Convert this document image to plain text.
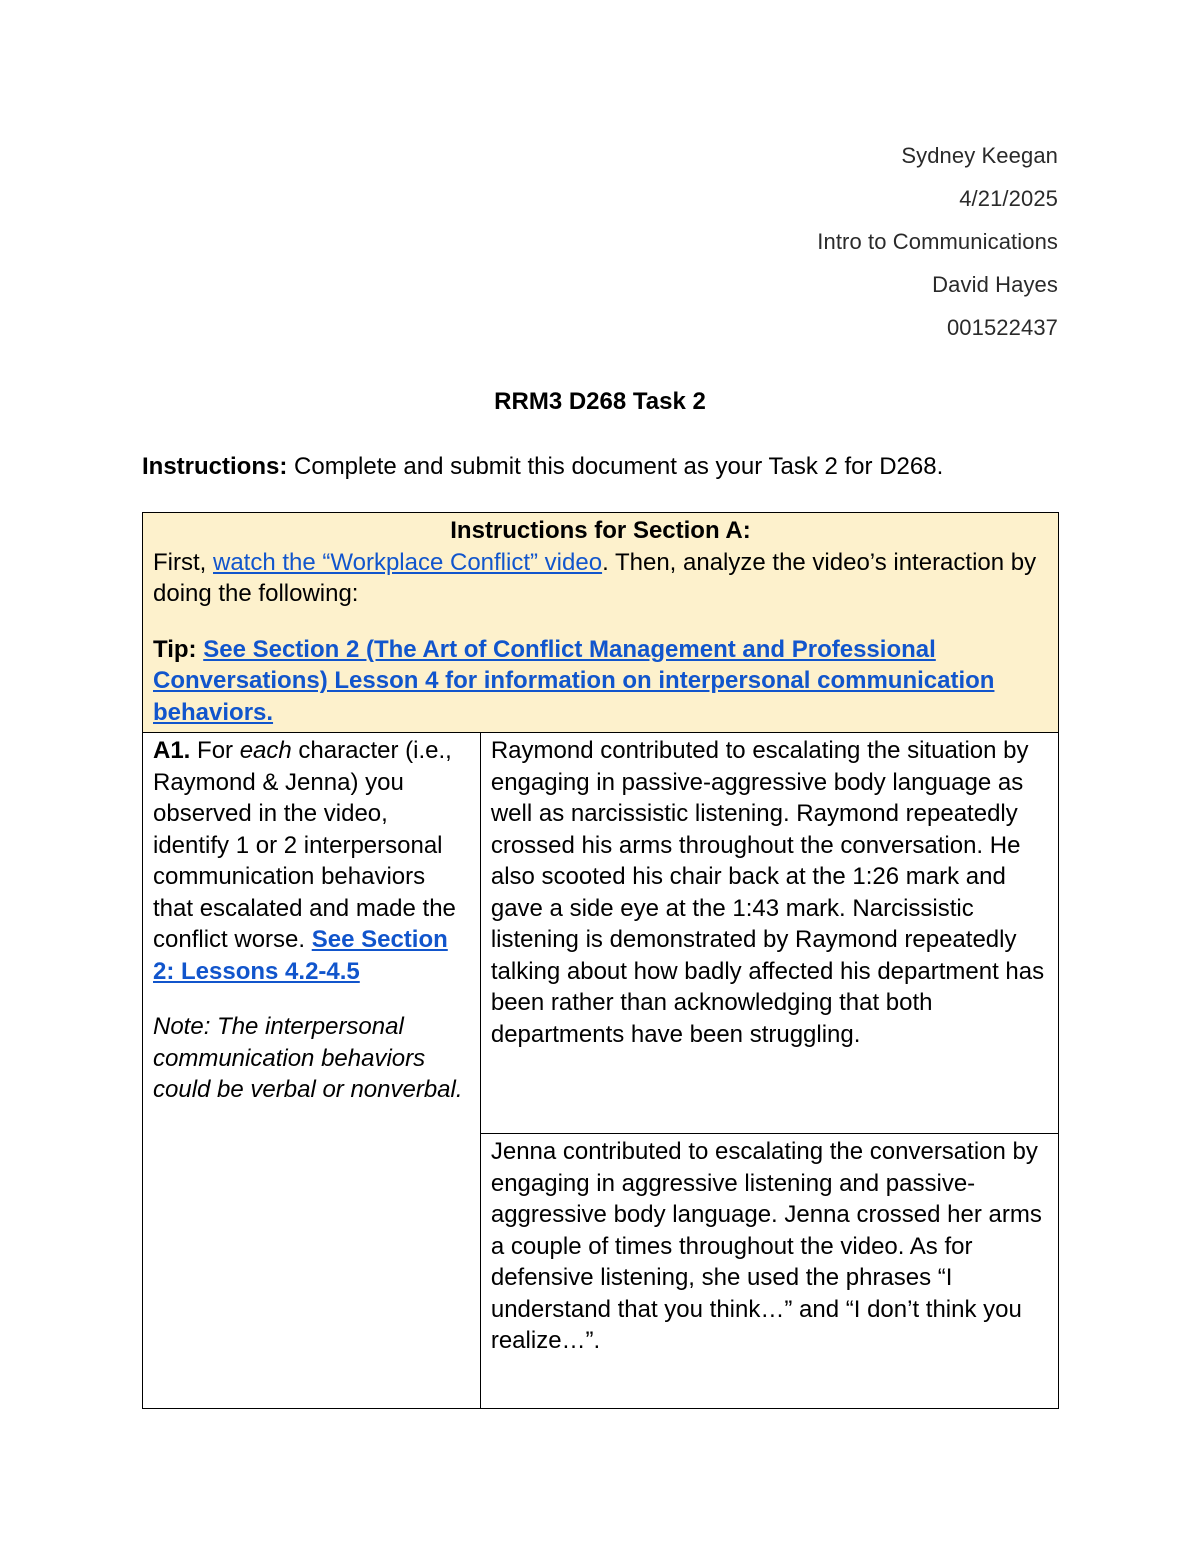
Sydney Keegan
4/21/2025
Intro to Communications
David Hayes
001522437
RRM3 D268 Task 2
Instructions: Complete and submit this document as your Task 2 for D268.
Instructions for Section A:
First, watch the “Workplace Conflict” video. Then, analyze the video’s interaction by doing the following:
Tip: See Section 2 (The Art of Conflict Management and Professional Conversations) Lesson 4 for information on interpersonal communication behaviors.

A1. For each character (i.e., Raymond & Jenna) you observed in the video, identify 1 or 2 interpersonal communication behaviors that escalated and made the conflict worse. See Section 2: Lessons 4.2-4.5
Note: The interpersonal communication behaviors could be verbal or nonverbal.

Raymond contributed to escalating the situation by engaging in passive-aggressive body language as well as narcissistic listening. Raymond repeatedly crossed his arms throughout the conversation. He also scooted his chair back at the 1:26 mark and gave a side eye at the 1:43 mark. Narcissistic listening is demonstrated by Raymond repeatedly talking about how badly affected his department has been rather than acknowledging that both departments have been struggling.

Jenna contributed to escalating the conversation by engaging in aggressive listening and passive-aggressive body language. Jenna crossed her arms a couple of times throughout the video. As for defensive listening, she used the phrases “I understand that you think…” and “I don’t think you realize…”.
